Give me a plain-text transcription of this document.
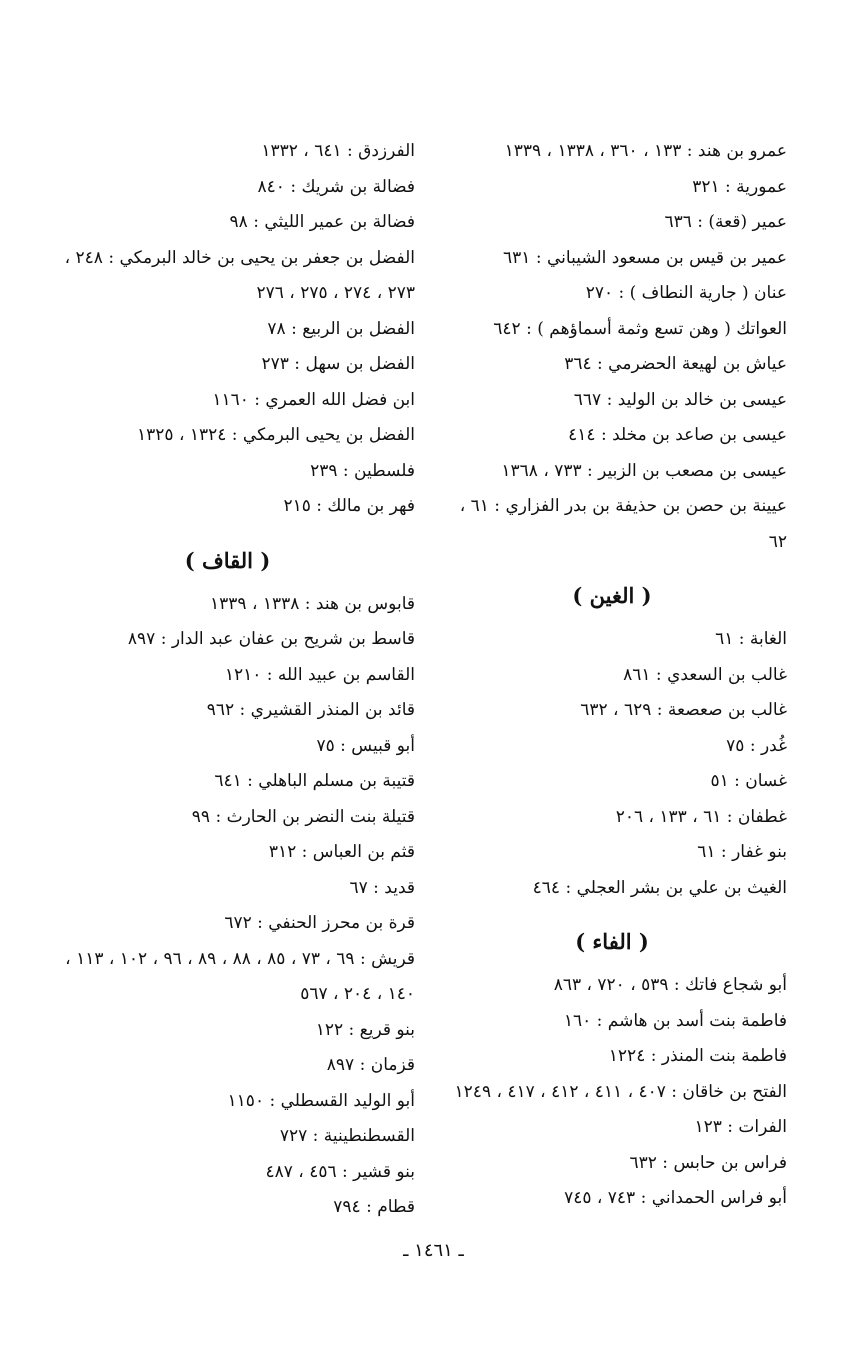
عمرو بن هند : ١٣٣ ، ٣٦٠ ، ١٣٣٨ ، ١٣٣٩
عمورية : ٣٢١
عمير (قعة) : ٦٣٦
عمير بن قيس بن مسعود الشيباني : ٦٣١
عنان ( جارية النطاف ) : ٢٧٠
العواتك ( وهن تسع وثمة أسماؤهم ) : ٦٤٢
عياش بن لهيعة الحضرمي : ٣٦٤
عيسى بن خالد بن الوليد : ٦٦٧
عيسى بن صاعد بن مخلد : ٤١٤
عيسى بن مصعب بن الزبير : ٧٣٣ ، ١٣٦٨
عيينة بن حصن بن حذيفة بن بدر الفزاري : ٦١ ، ٦٢
( الغين )
الغابة : ٦١
غالب بن السعدي : ٨٦١
غالب بن صعصعة : ٦٢٩ ، ٦٣٢
غُدر : ٧٥
غسان : ٥١
غطفان : ٦١ ، ١٣٣ ، ٢٠٦
بنو غفار : ٦١
الغيث بن علي بن بشر العجلي : ٤٦٤
( الفاء )
أبو شجاع فاتك : ٥٣٩ ، ٧٢٠ ، ٨٦٣
فاطمة بنت أسد بن هاشم : ١٦٠
فاطمة بنت المنذر : ١٢٢٤
الفتح بن خاقان : ٤٠٧ ، ٤١١ ، ٤١٢ ، ٤١٧ ، ١٢٤٩
الفرات : ١٢٣
فراس بن حابس : ٦٣٢
أبو فراس الحمداني : ٧٤٣ ، ٧٤٥
الفرزدق : ٦٤١ ، ١٣٣٢
فضالة بن شريك : ٨٤٠
فضالة بن عمير الليثي : ٩٨
الفضل بن جعفر بن يحيى بن خالد البرمكي : ٢٤٨ ، ٢٧٣ ، ٢٧٤ ، ٢٧٥ ، ٢٧٦
الفضل بن الربيع : ٧٨
الفضل بن سهل : ٢٧٣
ابن فضل الله العمري : ١١٦٠
الفضل بن يحيى البرمكي : ١٣٢٤ ، ١٣٢٥
فلسطين : ٢٣٩
فهر بن مالك : ٢١٥
( القاف )
قابوس بن هند : ١٣٣٨ ، ١٣٣٩
قاسط بن شريح بن عفان عبد الدار : ٨٩٧
القاسم بن عبيد الله : ١٢١٠
قائد بن المنذر القشيري : ٩٦٢
أبو قبيس : ٧٥
قتيبة بن مسلم الباهلي : ٦٤١
قتيلة بنت النضر بن الحارث : ٩٩
قثم بن العباس : ٣١٢
قديد : ٦٧
قرة بن محرز الحنفي : ٦٧٢
قريش : ٦٩ ، ٧٣ ، ٨٥ ، ٨٨ ، ٨٩ ، ٩٦ ، ١٠٢ ، ١١٣ ، ١٤٠ ، ٢٠٤ ، ٥٦٧
بنو قريع : ١٢٢
قزمان : ٨٩٧
أبو الوليد القسطلي : ١١٥٠
القسطنطينية : ٧٢٧
بنو قشير : ٤٥٦ ، ٤٨٧
قطام : ٧٩٤
ـ ١٤٦١ ـ
